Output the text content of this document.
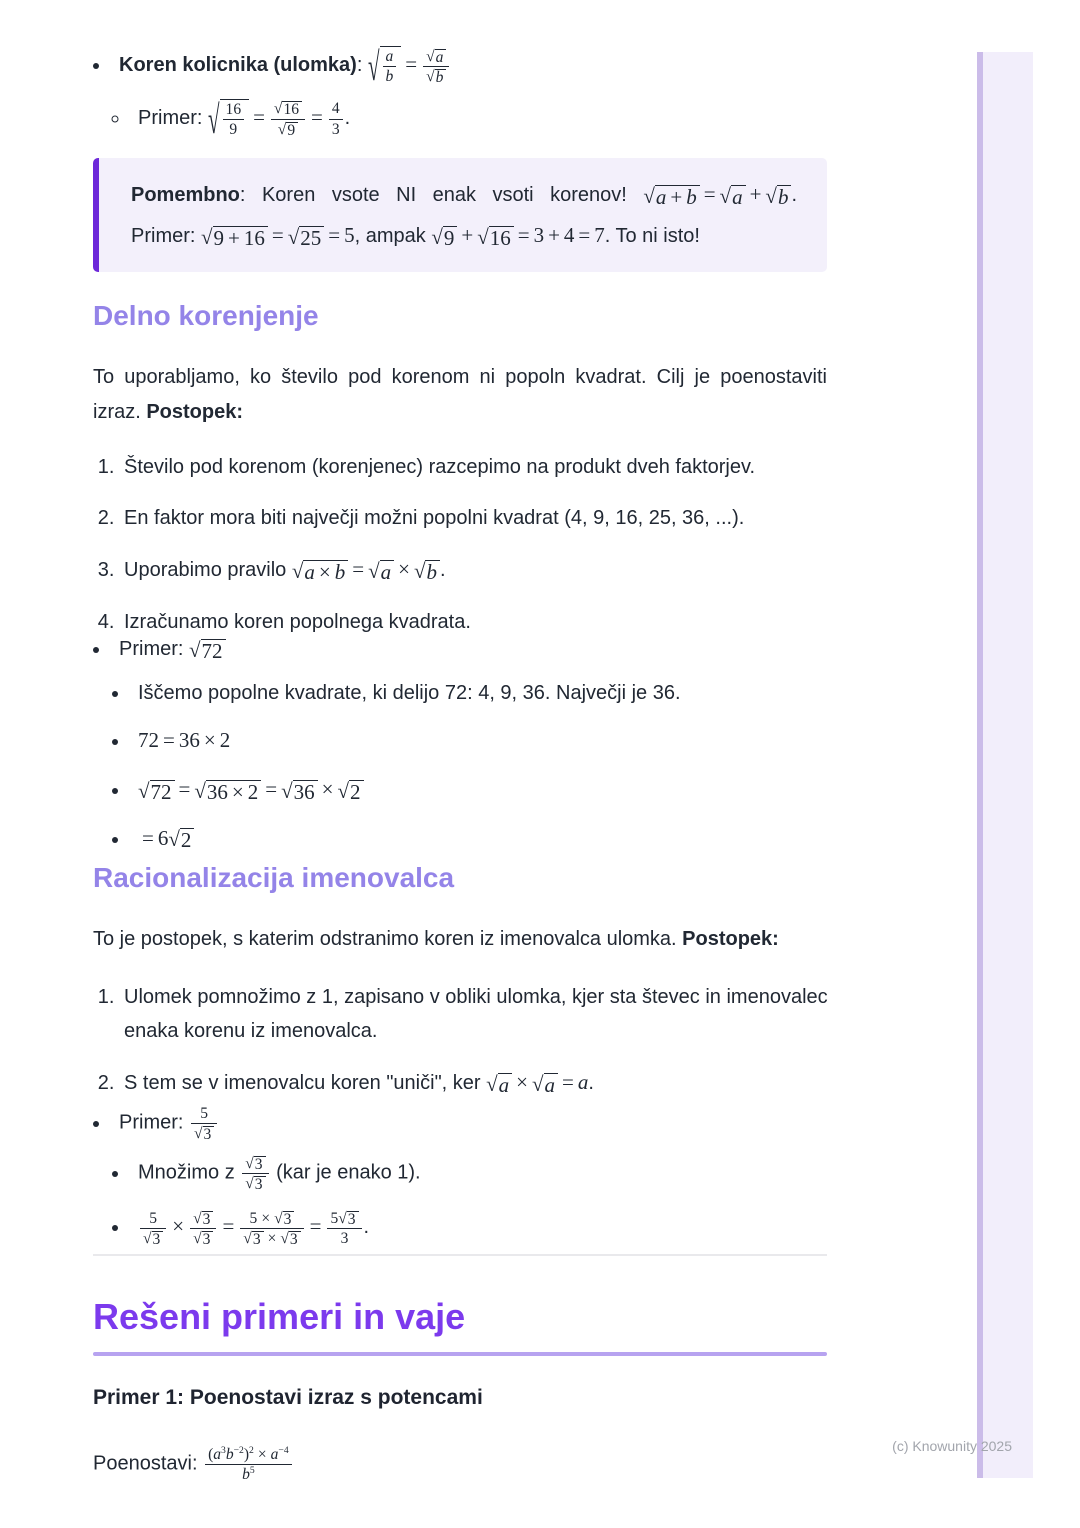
(c) Knowunity 2025
• Koren kolicnika (ulomka): √ $\frac{a}{b} = \frac{√ a}{√ b}$
◦ Primer: √ $\frac{16}{9} = \frac{√ 16}{√ 9} = \frac{4}{3}$ .
Pomembno: Koren vsote NI enak vsoti korenov! √ a + b = √ a + √ b .
Primer: √ 9 + 16 = √ 25 = 5, ampak √ 9 + √ 16 = 3 + 4 = 7. To ni isto!
Delno korenjenje

To uporabljamo, ko število pod korenom ni popoln kvadrat. Cilj je poenostaviti izraz. Postopek:

1. Število pod korenom (korenjenec) razcepimo na produkt dveh faktorjev.
2. En faktor mora biti največji možni popolni kvadrat (4, 9, 16, 25, 36, ...).
3. Uporabimo pravilo √ a × b = √ a × √ b .
4. Izračunamo koren popolnega kvadrata.
• Primer: √ 72
• Iščemo popolne kvadrate, ki delijo 72: 4, 9, 36. Največji je 36.
• 72 = 36 × 2
• √ 72 = √ 36 × 2 = √ 36 × √ 2
• = 6 √ 2
Racionalizacija imenovalca

To je postopek, s katerim odstranimo koren iz imenovalca ulomka. Postopek:

1. Ulomek pomnožimo z 1, zapisano v obliki ulomka, kjer sta števec in imenovalec enaka korenu iz imenovalca.
2. S tem se v imenovalcu koren "uniči", ker √ a × √ a = a.
• Primer: $\frac{5}{√ 3}$
• Množimo z $\frac{√ 3}{√ 3} (kar$ je enako 1).
• $\frac{5}{√ 3} \times \frac{√ 3}{√ 3} = \frac{5 \times √ 3}{√ 3 \times √ 3} = \frac{5 √ 3}{3}$ .
Rešeni primeri in vaje
Primer 1: Poenostavi izraz s potencami
Poenostavi: $\frac{(a^3b^{-2})^2 \times a^{-4}}{b^5}$
